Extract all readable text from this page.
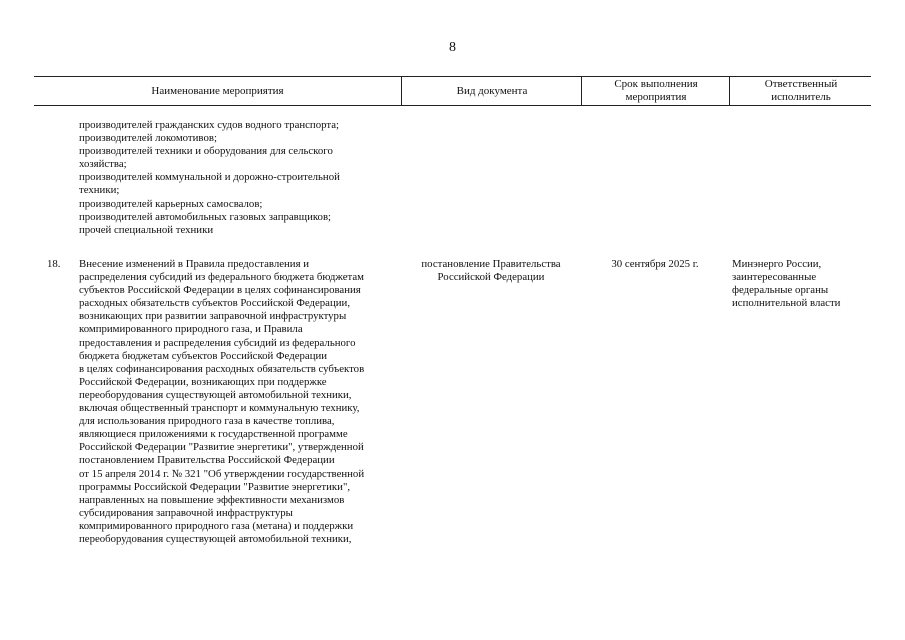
8
Наименование мероприятия	Вид документа
Срок выполнения
мероприятия
Ответственный
исполнитель
производителей гражданских судов водного транспорта;
производителей локомотивов;
производителей техники и оборудования для сельского
хозяйства;
производителей коммунальной и дорожно-строительной
техники;
производителей карьерных самосвалов;
производителей автомобильных газовых заправщиков;
прочей специальной техники
18. Внесение изменений в Правила предоставления и
распределения субсидий из федерального бюджета бюджетам
субъектов Российской Федерации в целях софинансирования
расходных обязательств субъектов Российской Федерации,
возникающих при развитии заправочной инфраструктуры
компримированного природного газа, и Правила
предоставления и распределения субсидий из федерального
бюджета бюджетам субъектов Российской Федерации
в целях софинансирования расходных обязательств субъектов
Российской Федерации, возникающих при поддержке
переоборудования существующей автомобильной техники,
включая общественный транспорт и коммунальную технику,
для использования природного газа в качестве топлива,
являющиеся приложениями к государственной программе
Российской Федерации "Развитие энергетики", утвержденной
постановлением Правительства Российской Федерации
от 15 апреля 2014 г. № 321 "Об утверждении государственной
программы Российской Федерации "Развитие энергетики",
направленных на повышение эффективности механизмов
субсидирования заправочной инфраструктуры
компримированного природного газа (метана) и поддержки
переоборудования существующей автомобильной техники,
постановление Правительства
Российской Федерации
30 сентября 2025 г.	Минэнерго России,
заинтересованные
федеральные органы
исполнительной власти
